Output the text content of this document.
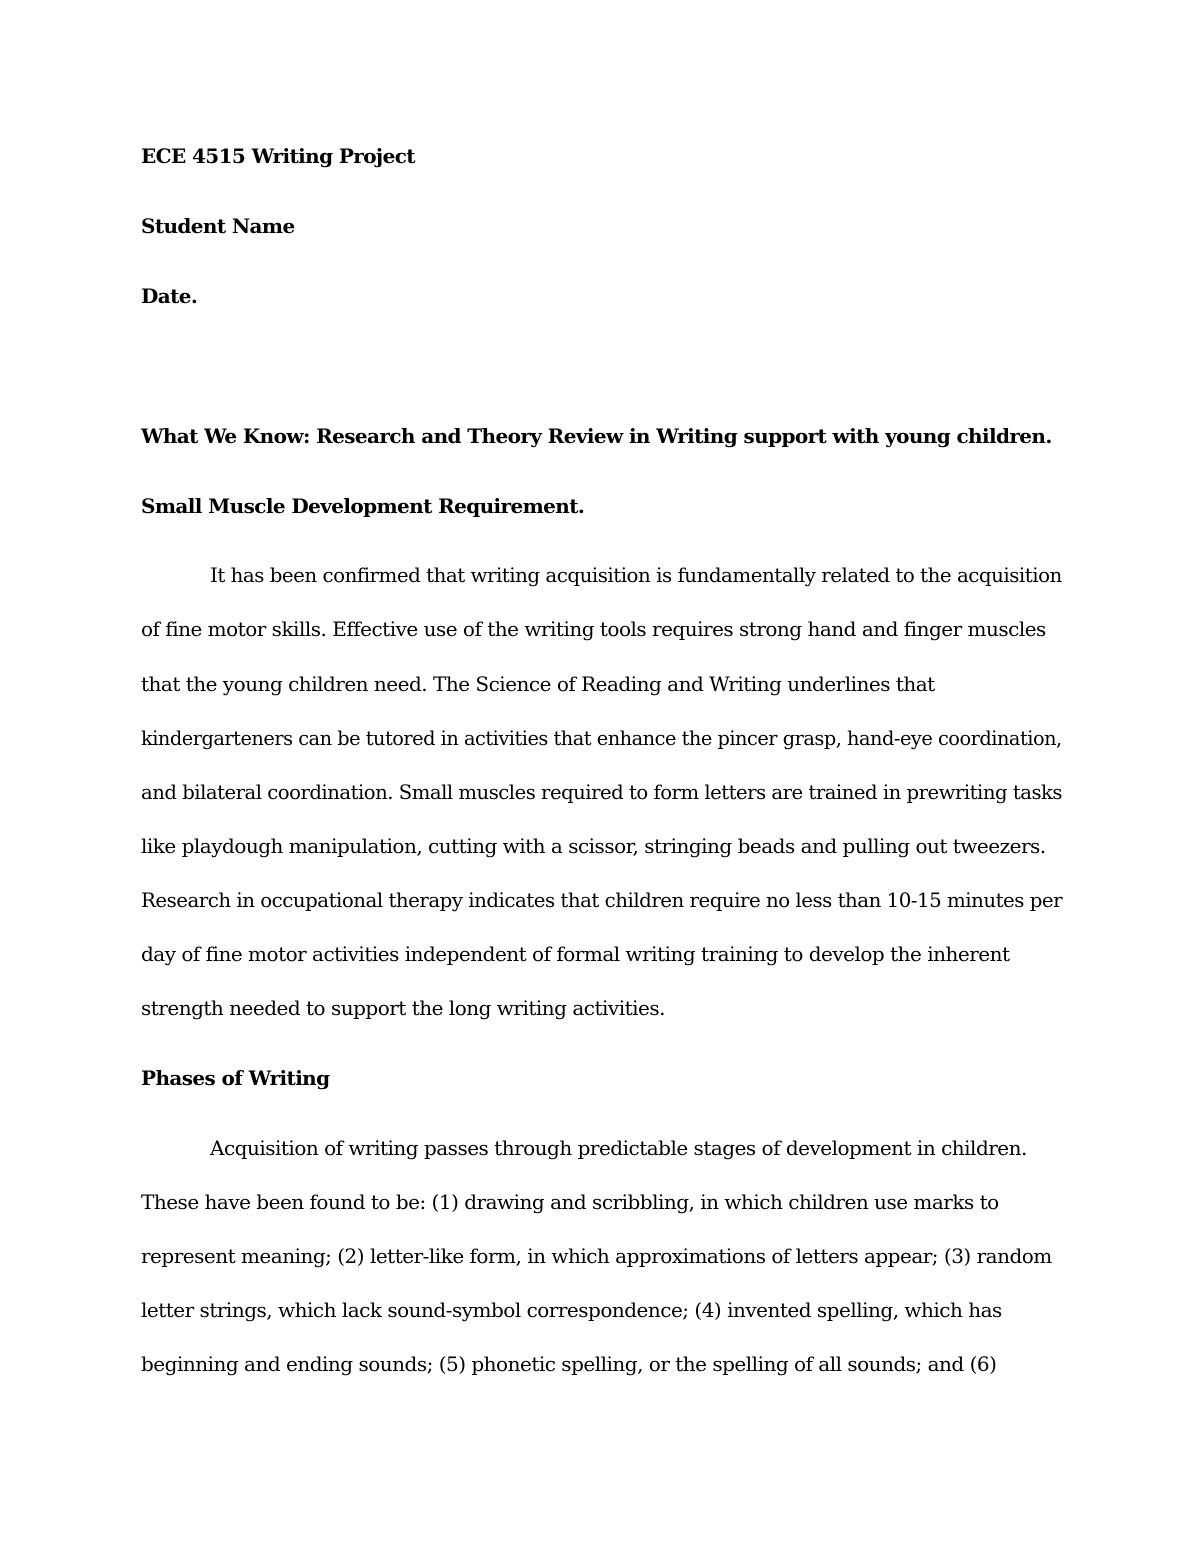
ECE 4515 Writing Project
Student Name
Date.
What We Know: Research and Theory Review in Writing support with young children.
Small Muscle Development Requirement.
It has been confirmed that writing acquisition is fundamentally related to the acquisition
of fine motor skills. Effective use of the writing tools requires strong hand and finger muscles
that the young children need. The Science of Reading and Writing underlines that
kindergarteners can be tutored in activities that enhance the pincer grasp, hand-eye coordination,
and bilateral coordination. Small muscles required to form letters are trained in prewriting tasks
like playdough manipulation, cutting with a scissor, stringing beads and pulling out tweezers.
Research in occupational therapy indicates that children require no less than 10-15 minutes per
day of fine motor activities independent of formal writing training to develop the inherent
strength needed to support the long writing activities.
Phases of Writing
Acquisition of writing passes through predictable stages of development in children.
These have been found to be: (1) drawing and scribbling, in which children use marks to
represent meaning; (2) letter-like form, in which approximations of letters appear; (3) random
letter strings, which lack sound-symbol correspondence; (4) invented spelling, which has
beginning and ending sounds; (5) phonetic spelling, or the spelling of all sounds; and (6)
